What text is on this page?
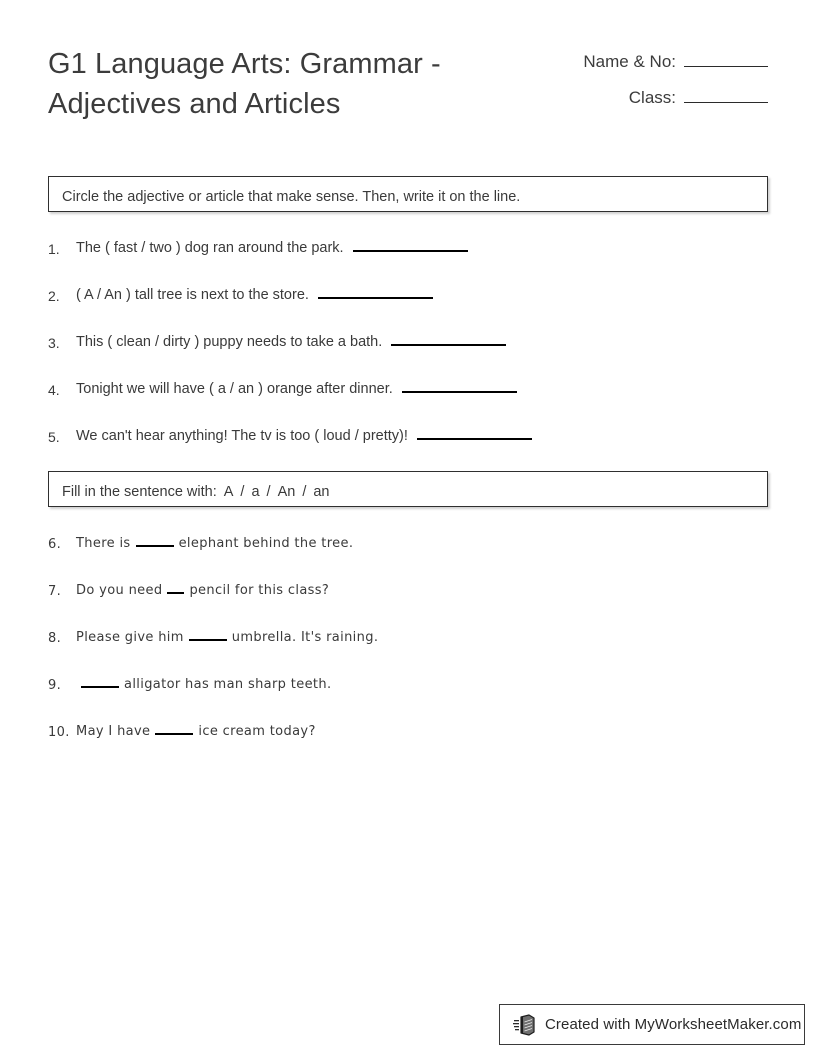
G1 Language Arts: Grammar - Adjectives and Articles
Name & No:
Class:
Circle the adjective or article that make sense. Then, write it on the line.
1.	The ( fast / two ) dog ran around the park.
2.	( A / An ) tall tree is next to the store.
3.	This ( clean / dirty ) puppy needs to take a bath.
4.	Tonight we will have ( a / an ) orange after dinner.
5.	We can't hear anything! The tv is too ( loud / pretty)!
Fill in the sentence with: A / a / An / an
6.	There is	elephant behind the tree.
7.	Do you need pencil for this class?
8.	Please give him	umbrella. It's raining.
9.	alligator has man sharp teeth.
10. May I have	ice cream today?
Created with MyWorksheetMaker.com
